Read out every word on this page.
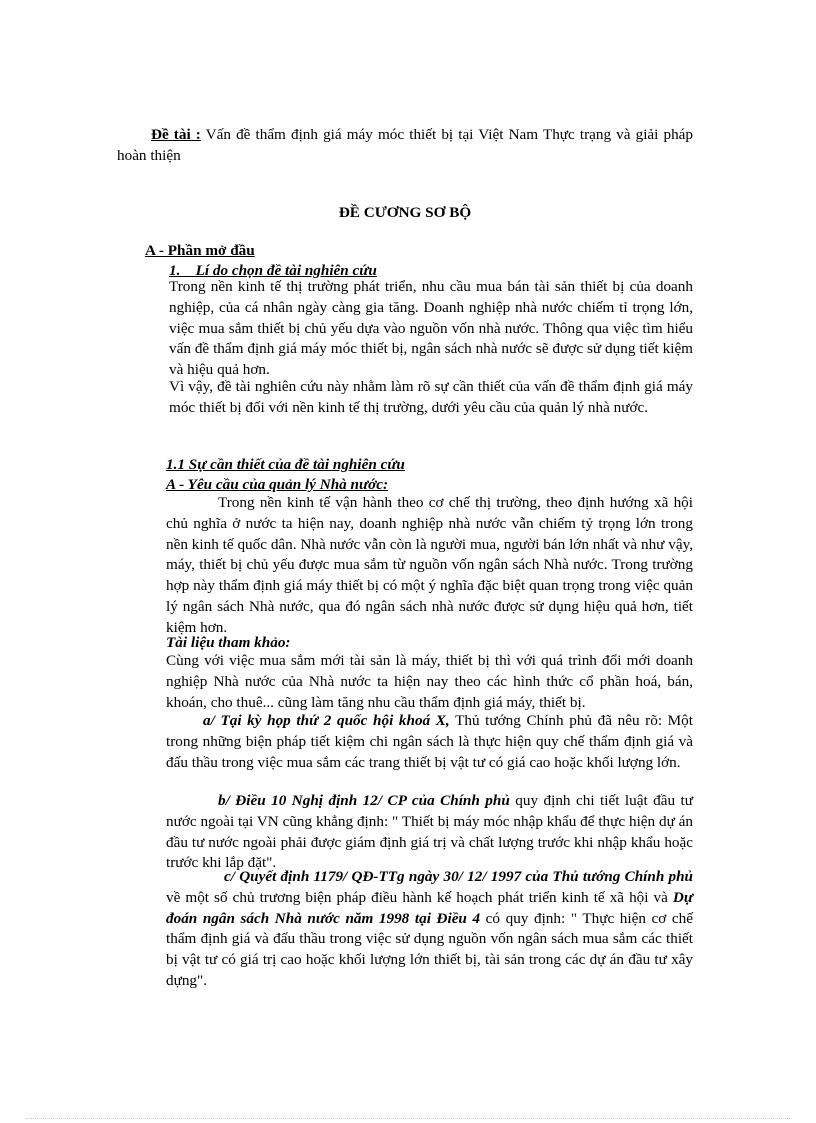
Đề tài : Vấn đề thẩm định giá máy móc thiết bị tại Việt Nam Thực trạng và giải pháp hoàn thiện

ĐỀ CƯƠNG SƠ BỘ

A - Phần mở đầu

1.    Lí do chọn đề tài nghiên cứu

Trong nền kinh tế thị trường phát triển, nhu cầu mua bán tài sản thiết bị của doanh nghiệp, của cá nhân ngày càng gia tăng. Doanh nghiệp nhà nước chiếm tỉ trọng lớn, việc mua sắm thiết bị chủ yếu dựa vào nguồn vốn nhà nước. Thông qua việc tìm hiểu vấn đề thẩm định giá máy móc thiết bị, ngân sách nhà nước sẽ được sử dụng tiết kiệm và hiệu quả hơn.

Vì vậy, đề tài nghiên cứu này nhằm làm rõ sự cần thiết của vấn đề thẩm định giá máy móc thiết bị đối với nền kinh tế thị trường, dưới yêu cầu của quản lý nhà nước.

1.1 Sự cần thiết của đề tài nghiên cứu

A - Yêu cầu của quản lý Nhà nước:

Trong nền kinh tế vận hành theo cơ chế thị trường, theo định hướng xã hội chủ nghĩa ở nước ta hiện nay, doanh nghiệp nhà nước vẫn chiếm tỷ trọng lớn trong nền kinh tế quốc dân. Nhà nước vẫn còn là người mua, người bán lớn nhất và như vậy, máy, thiết bị chủ yếu được mua sắm từ nguồn vốn ngân sách Nhà nước. Trong trường hợp này thẩm định giá máy thiết bị có một ý nghĩa đặc biệt quan trọng trong việc quản lý ngân sách Nhà nước, qua đó ngân sách nhà nước được sử dụng hiệu quả hơn, tiết kiệm hơn.

Tài liệu tham khảo:

Cùng với việc mua sắm mới tài sản là máy, thiết bị thì với quá trình đổi mới doanh nghiệp Nhà nước của Nhà nước ta hiện nay theo các hình thức cổ phần hoá, bán, khoán, cho thuê... cũng làm tăng nhu cầu thẩm định giá máy, thiết bị.

a/ Tại kỳ họp thứ 2 quốc hội khoá X, Thủ tướng Chính phủ đã nêu rõ: Một trong những biện pháp tiết kiệm chi ngân sách là thực hiện quy chế thẩm định giá và đấu thầu trong việc mua sắm các trang thiết bị vật tư có giá cao hoặc khối lượng lớn.

b/ Điều 10 Nghị định 12/ CP của Chính phủ quy định chi tiết luật đầu tư nước ngoài tại VN cũng khẳng định: " Thiết bị máy móc nhập khẩu để thực hiện dự án đầu tư nước ngoài phải được giám định giá trị và chất lượng trước khi nhập khẩu hoặc trước khi lắp đặt".

c/ Quyết định 1179/ QĐ-TTg ngày 30/ 12/ 1997 của Thủ tướng Chính phủ về một số chủ trương biện pháp điều hành kế hoạch phát triển kinh tế xã hội và Dự đoán ngân sách Nhà nước năm 1998 tại Điều 4 có quy định: " Thực hiện cơ chế thẩm định giá và đấu thầu trong việc sử dụng nguồn vốn ngân sách mua sắm các thiết bị vật tư có giá trị cao hoặc khối lượng lớn thiết bị, tài sản trong các dự án đầu tư xây dựng".
